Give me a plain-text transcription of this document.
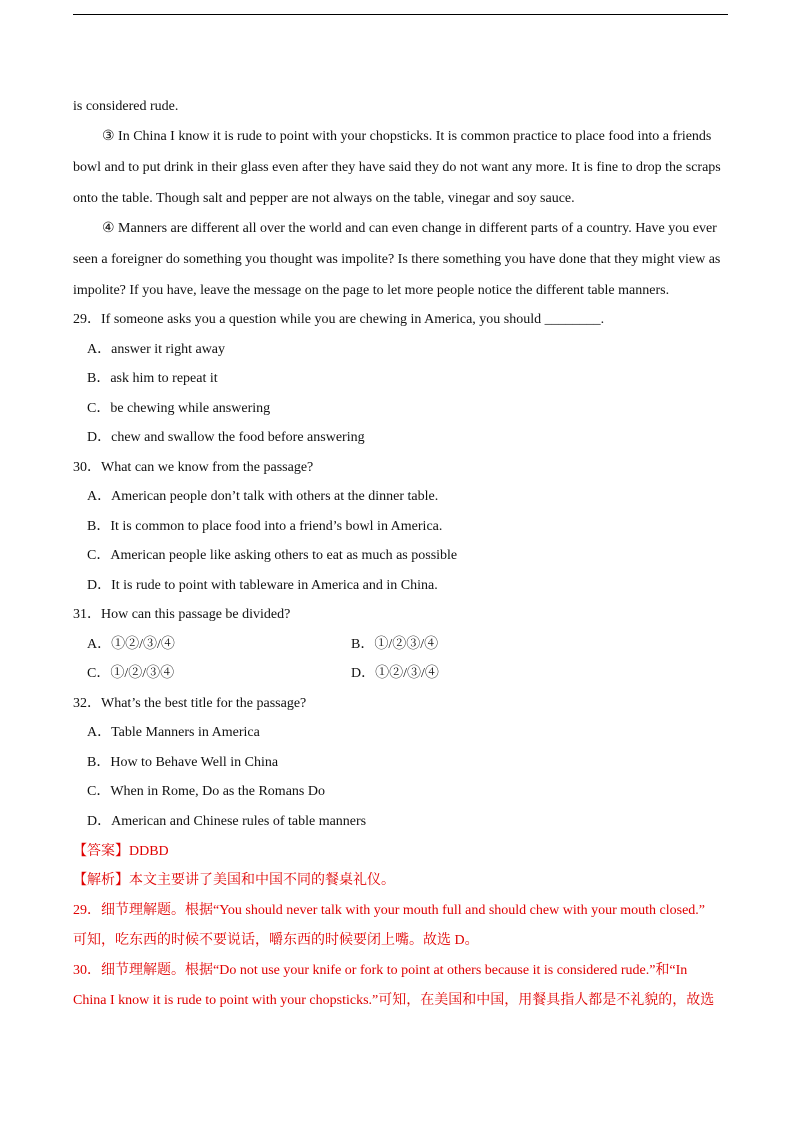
is considered rude.
③ In China I know it is rude to point with your chopsticks. It is common practice to place food into a friends
bowl and to put drink in their glass even after they have said they do not want any more. It is fine to drop the scraps
onto the table. Though salt and pepper are not always on the table, vinegar and soy sauce.
④ Manners are different all over the world and can even change in different parts of a country. Have you ever
seen a foreigner do something you thought was impolite? Is there something you have done that they might view as
impolite? If you have, leave the message on the page to let more people notice the different table manners.
29．If someone asks you a question while you are chewing in America, you should ________.
A．answer it right away
B．ask him to repeat it
C．be chewing while answering
D．chew and swallow the food before answering
30．What can we know from the passage?
A．American people don’t talk with others at the dinner table.
B．It is common to place food into a friend’s bowl in America.
C．American people like asking others to eat as much as possible
D．It is rude to point with tableware in America and in China.
31．How can this passage be divided?
A．①②/③/④	B．①/②③/④
C．①/②/③④	D．①②/③/④
32．What’s the best title for the passage?
A．Table Manners in America
B．How to Behave Well in China
C．When in Rome, Do as the Romans Do
D．American and Chinese rules of table manners
【答案】DDBD
【解析】本文主要讲了美国和中国不同的餐桌礼仪。
29．细节理解题。根据“You should never talk with your mouth full and should chew with your mouth closed.”
可知，吃东西的时候不要说话，嚼东西的时候要闭上嘴。故选 D。
30．细节理解题。根据“Do not use your knife or fork to point at others because it is considered rude.”和“In
China I know it is rude to point with your chopsticks.”可知，在美国和中国，用餐具指人都是不礼貌的，故选
